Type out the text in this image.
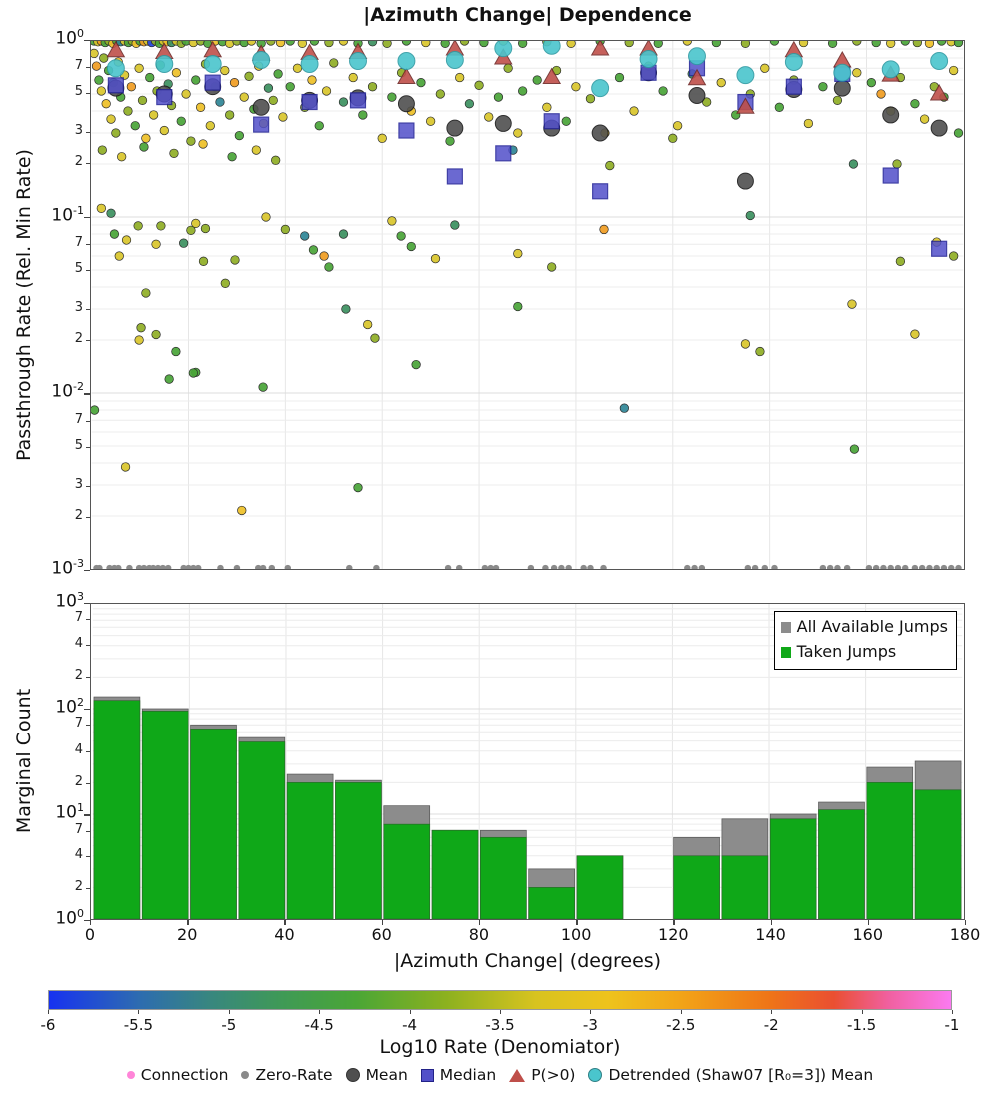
|Azimuth Change| Dependence
Passthrough Rate (Rel. Min Rate)
Marginal Count
|Azimuth Change| (degrees)
$10^0$
$10^{-1}$
$10^{-2}$
$10^{-3}$
7
5
3
2
7
5
3
2
7
5
3
2
$10^3$
$10^2$
$10^1$
$10^0$
7
4
2
7
4
2
7
4
2
0	20	40	60	80	100	120	140	160	180
All Available Jumps
Taken Jumps
-6	-5.5	-5	-4.5	-4	-3.5	-3	-2.5	-2	-1.5	-1
Log10 Rate (Denomiator)
Connection Zero-Rate Mean Median P(>0) Detrended (Shaw07 [R₀=3]) Mean
